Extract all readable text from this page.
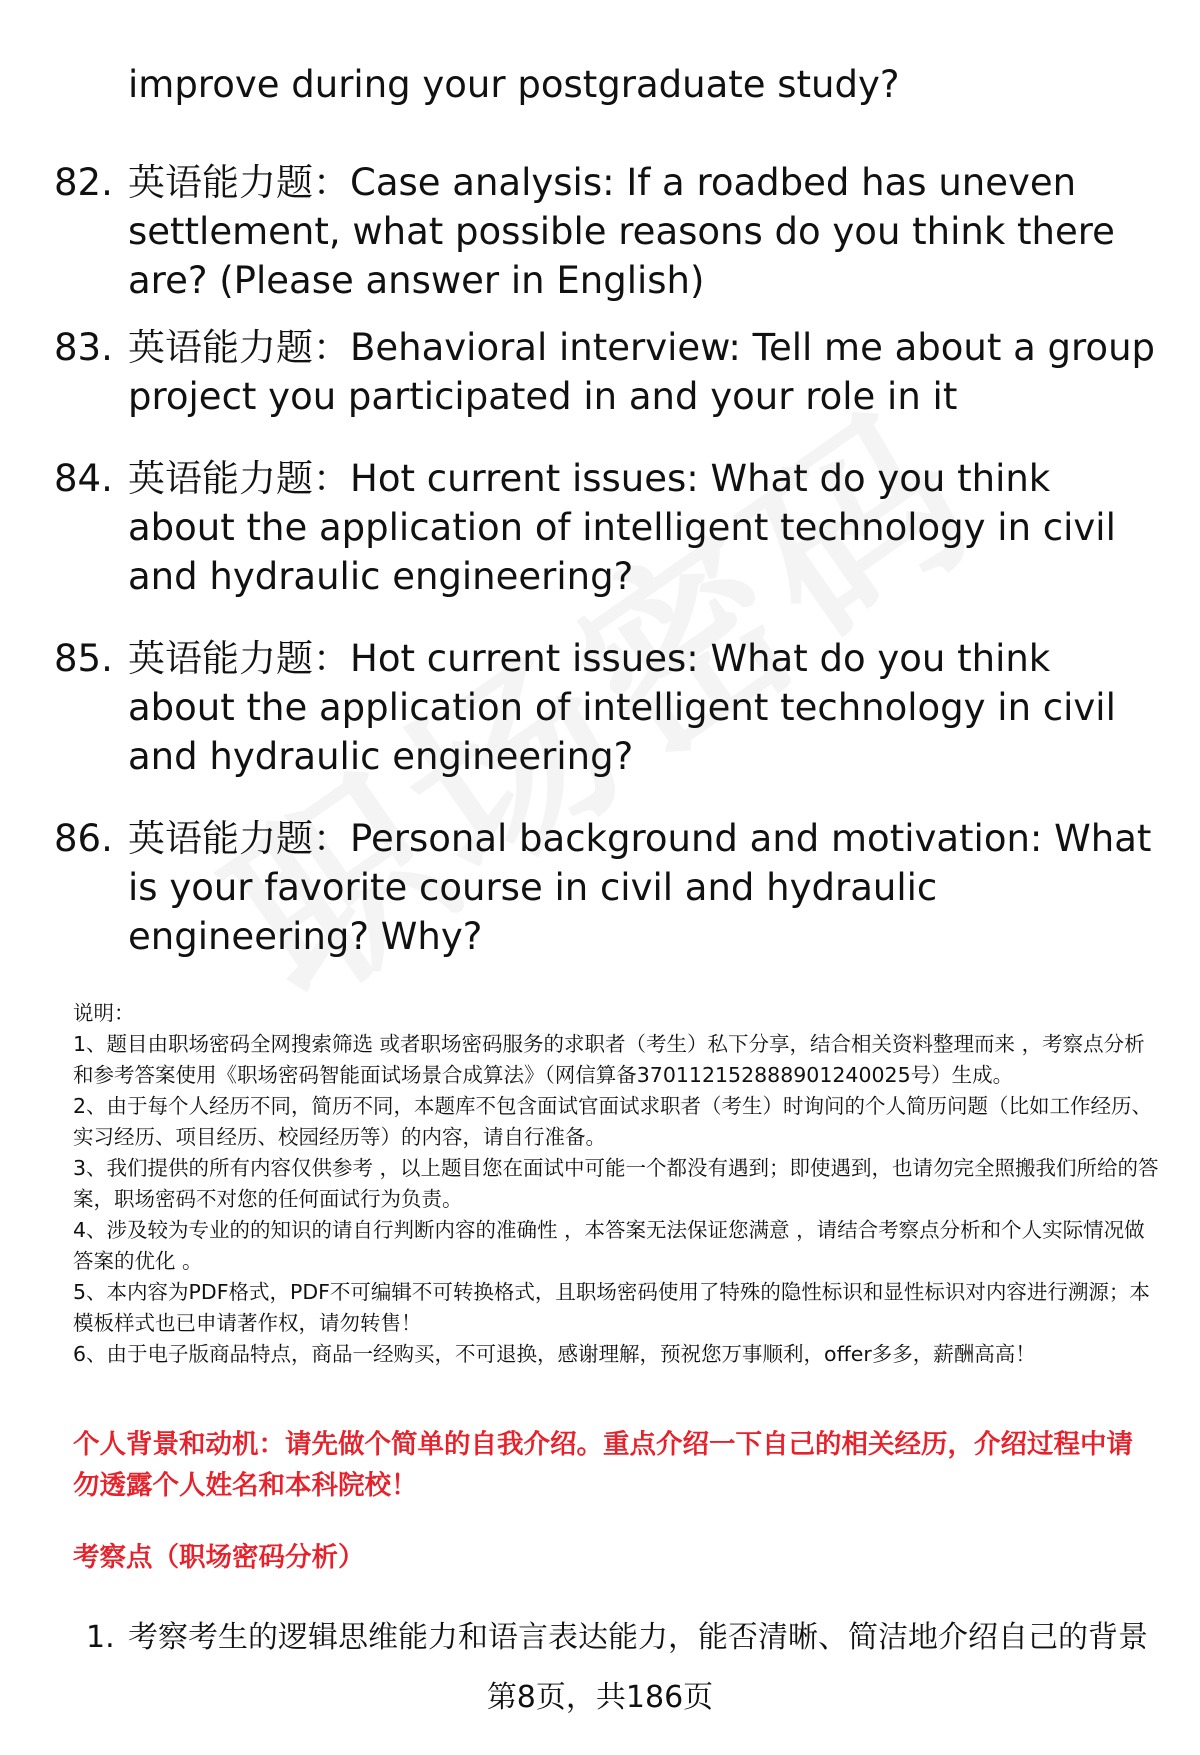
improve during your postgraduate study?
82. 英语能力题：Case analysis: If a roadbed has uneven settlement, what possible reasons do you think there are? (Please answer in English)
83. 英语能力题：Behavioral interview: Tell me about a group project you participated in and your role in it
84. 英语能力题：Hot current issues: What do you think about the application of intelligent technology in civil and hydraulic engineering?
85. 英语能力题：Hot current issues: What do you think about the application of intelligent technology in civil and hydraulic engineering?
86. 英语能力题：Personal background and motivation: What is your favorite course in civil and hydraulic engineering? Why?

说明：

1、题目由职场密码全网搜索筛选 或者职场密码服务的求职者（考生）私下分享，结合相关资料整理而来 ，考察点分析和参考答案使用《职场密码智能面试场景合成算法》（网信算备370112152888901240025号）生成。

2、由于每个人经历不同，简历不同，本题库不包含面试官面试求职者（考生）时询问的个人简历问题（比如工作经历、实习经历、项目经历、校园经历等）的内容，请自行准备。

3、我们提供的所有内容仅供参考 ，以上题目您在面试中可能一个都没有遇到；即使遇到，也请勿完全照搬我们所给的答案，职场密码不对您的任何面试行为负责。

4、涉及较为专业的的知识的请自行判断内容的准确性 ，本答案无法保证您满意 ，请结合考察点分析和个人实际情况做答案的优化 。

5、本内容为PDF格式，PDF不可编辑不可转换格式，且职场密码使用了特殊的隐性标识和显性标识对内容进行溯源；本模板样式也已申请著作权，请勿转售！

6、由于电子版商品特点，商品一经购买，不可退换，感谢理解，预祝您万事顺利，offer多多，薪酬高高！

个人背景和动机：请先做个简单的自我介绍。重点介绍一下自己的相关经历，介绍过程中请勿透露个人姓名和本科院校！
考察点（职场密码分析）
1. 考察考生的逻辑思维能力和语言表达能力，能否清晰、简洁地介绍自己的背景
第8页，共186页
